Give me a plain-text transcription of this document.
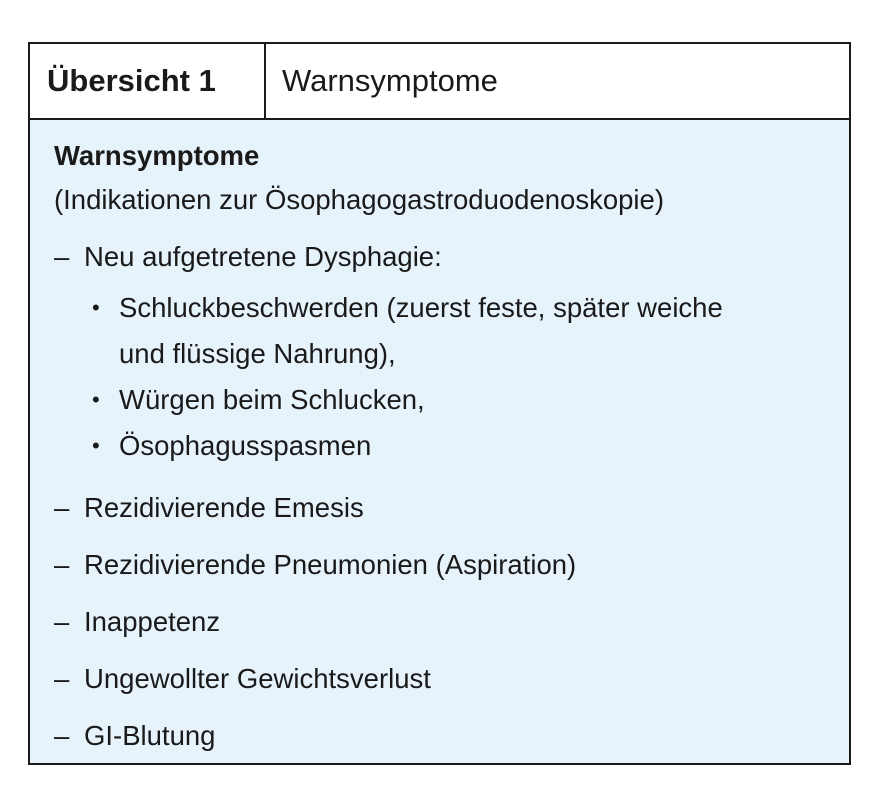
Übersicht 1	Warnsymptome
Warnsymptome
(Indikationen zur Ösophagogastroduodenoskopie)
– Neu aufgetretene Dysphagie:
• Schluckbeschwerden (zuerst feste, später weiche und flüssige Nahrung),
• Würgen beim Schlucken,
• Ösophagusspasmen
– Rezidivierende Emesis
– Rezidivierende Pneumonien (Aspiration)
– Inappetenz
– Ungewollter Gewichtsverlust
– GI-Blutung
